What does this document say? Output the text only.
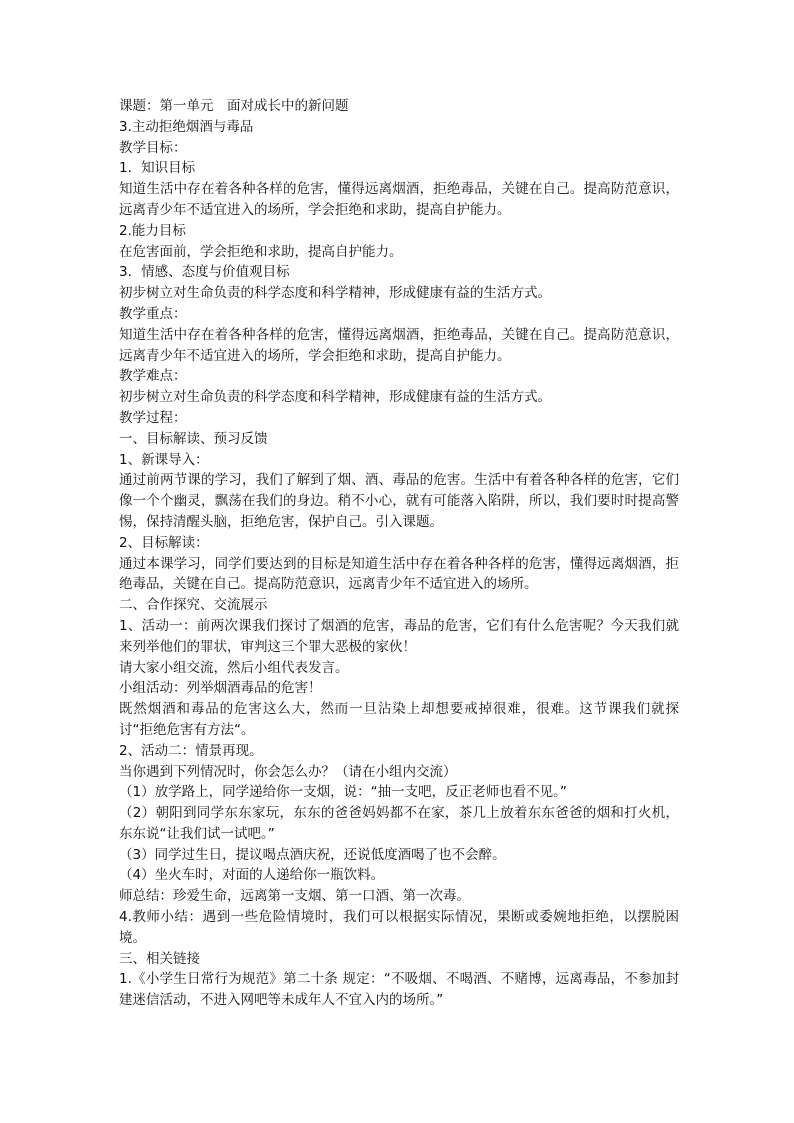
课题：第一单元　面对成长中的新问题
3.主动拒绝烟酒与毒品
教学目标：
1．知识目标
知道生活中存在着各种各样的危害，懂得远离烟酒，拒绝毒品，关键在自己。提高防范意识，远离青少年不适宜进入的场所，学会拒绝和求助，提高自护能力。
2.能力目标
在危害面前，学会拒绝和求助，提高自护能力。
3．情感、态度与价值观目标
初步树立对生命负责的科学态度和科学精神，形成健康有益的生活方式。
教学重点：
知道生活中存在着各种各样的危害，懂得远离烟酒，拒绝毒品，关键在自己。提高防范意识，远离青少年不适宜进入的场所，学会拒绝和求助，提高自护能力。
教学难点：
初步树立对生命负责的科学态度和科学精神，形成健康有益的生活方式。
教学过程：
一、目标解读、预习反馈
1、新课导入：
通过前两节课的学习，我们了解到了烟、酒、毒品的危害。生活中有着各种各样的危害，它们像一个个幽灵，飘荡在我们的身边。稍不小心，就有可能落入陷阱，所以，我们要时时提高警惕，保持清醒头脑，拒绝危害，保护自己。引入课题。
2、目标解读：
通过本课学习，同学们要达到的目标是知道生活中存在着各种各样的危害，懂得远离烟酒，拒绝毒品，关键在自己。提高防范意识，远离青少年不适宜进入的场所。
二、合作探究、交流展示
1、活动一：前两次课我们探讨了烟酒的危害，毒品的危害，它们有什么危害呢？今天我们就来列举他们的罪状，审判这三个罪大恶极的家伙！
请大家小组交流，然后小组代表发言。
小组活动：列举烟酒毒品的危害！
既然烟酒和毒品的危害这么大，然而一旦沾染上却想要戒掉很难，很难。这节课我们就探讨“拒绝危害有方法“。
2、活动二：情景再现。
当你遇到下列情况时，你会怎么办？（请在小组内交流）
（1）放学路上，同学递给你一支烟，说：“抽一支吧，反正老师也看不见。”
（2）朝阳到同学东东家玩，东东的爸爸妈妈都不在家，茶几上放着东东爸爸的烟和打火机，东东说“让我们试一试吧。”
（3）同学过生日，提议喝点酒庆祝，还说低度酒喝了也不会醉。
（4）坐火车时，对面的人递给你一瓶饮料。
师总结：珍爱生命，远离第一支烟、第一口酒、第一次毒。
4.教师小结：遇到一些危险情境时，我们可以根据实际情况，果断或委婉地拒绝，以摆脱困境。
三、相关链接
1.《小学生日常行为规范》第二十条 规定：“不吸烟、不喝酒、不赌博，远离毒品，不参加封建迷信活动，不进入网吧等未成年人不宜入内的场所。”
